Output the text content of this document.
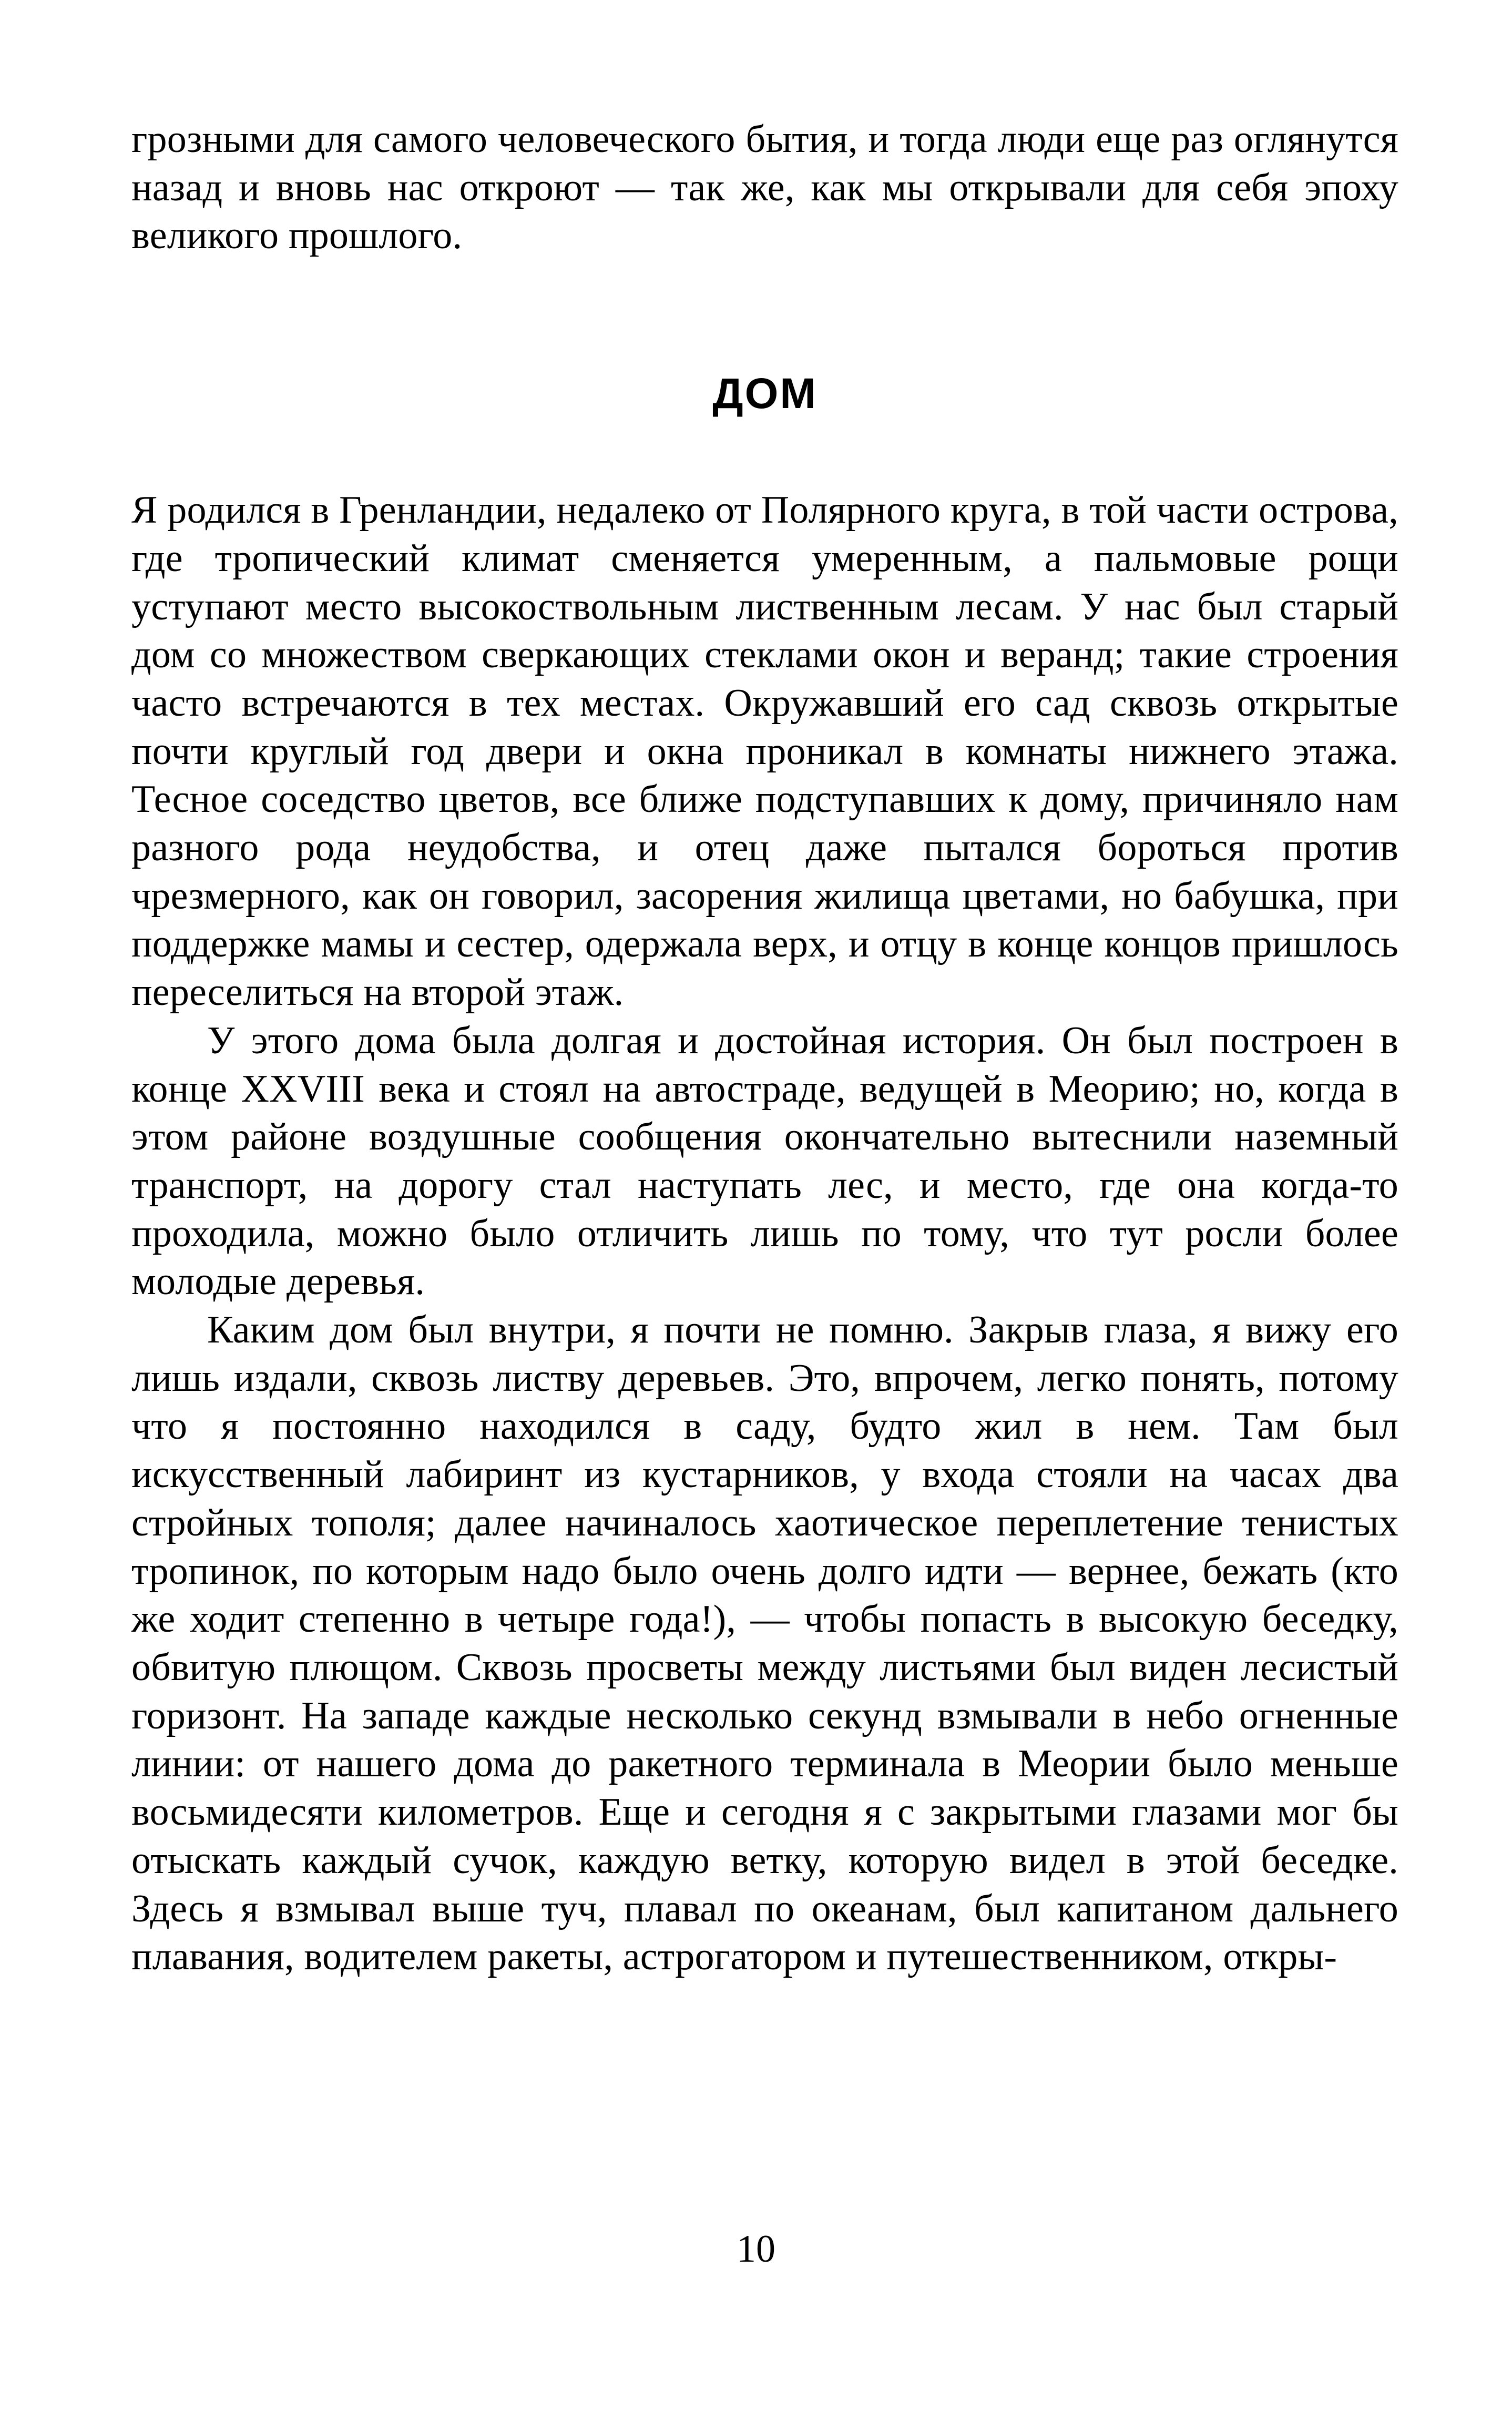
грозными для самого человеческого бытия, и тогда люди еще раз оглянутся назад и вновь нас откроют — так же, как мы открывали для себя эпоху великого прошлого.

ДОМ

Я родился в Гренландии, недалеко от Полярного круга, в той части острова, где тропический климат сменяется умеренным, а пальмовые рощи уступают место высокоствольным лиственным лесам. У нас был старый дом со множеством сверкающих стеклами окон и веранд; такие строения часто встречаются в тех местах. Окружавший его сад сквозь открытые почти круглый год двери и окна проникал в комнаты нижнего этажа. Тесное соседство цветов, все ближе подступавших к дому, причиняло нам разного рода неудобства, и отец даже пытался бороться против чрезмерного, как он говорил, засорения жилища цветами, но бабушка, при поддержке мамы и сестер, одержала верх, и отцу в конце концов пришлось переселиться на второй этаж.

У этого дома была долгая и достойная история. Он был построен в конце XXVIII века и стоял на автостраде, ведущей в Меорию; но, когда в этом районе воздушные сообщения окончательно вытеснили наземный транспорт, на дорогу стал наступать лес, и место, где она когда-то проходила, можно было отличить лишь по тому, что тут росли более молодые деревья.

Каким дом был внутри, я почти не помню. Закрыв глаза, я вижу его лишь издали, сквозь листву деревьев. Это, впрочем, легко понять, потому что я постоянно находился в саду, будто жил в нем. Там был искусственный лабиринт из кустарников, у входа стояли на часах два стройных тополя; далее начиналось хаотическое переплетение тенистых тропинок, по которым надо было очень долго идти — вернее, бежать (кто же ходит степенно в четыре года!), — чтобы попасть в высокую беседку, обвитую плющом. Сквозь просветы между листьями был виден лесистый горизонт. На западе каждые несколько секунд взмывали в небо огненные линии: от нашего дома до ракетного терминала в Меории было меньше восьмидесяти километров. Еще и сегодня я с закрытыми глазами мог бы отыскать каждый сучок, каждую ветку, которую видел в этой беседке. Здесь я взмывал выше туч, плавал по океанам, был капитаном дальнего плавания, водителем ракеты, астрогатором и путешественником, откры-

10
